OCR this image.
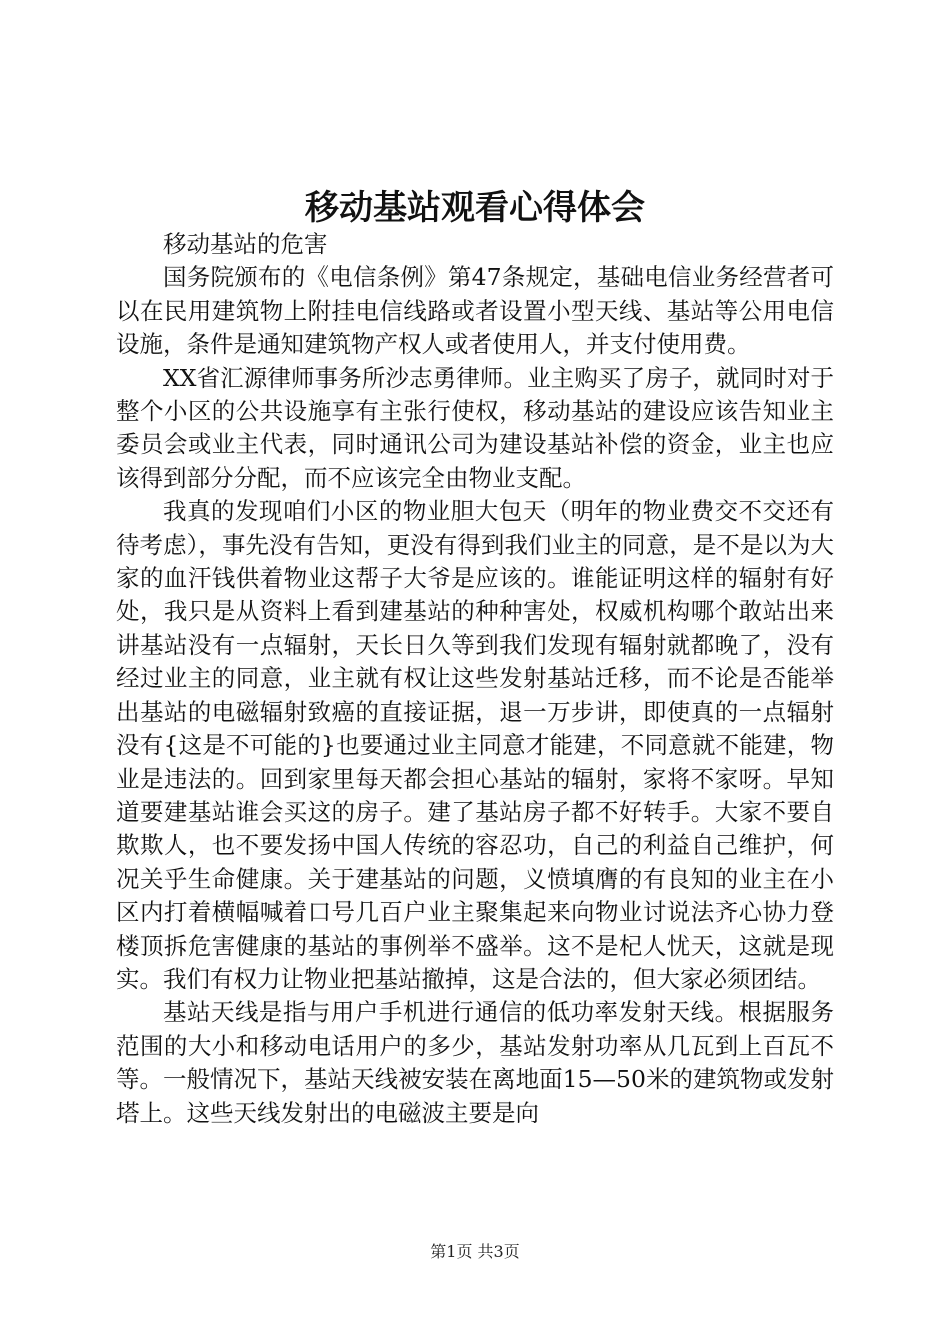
移动基站观看心得体会

移动基站的危害

国务院颁布的《电信条例》第47条规定，基础电信业务经营者可以在民用建筑物上附挂电信线路或者设置小型天线、基站等公用电信设施，条件是通知建筑物产权人或者使用人，并支付使用费。

XX省汇源律师事务所沙志勇律师。业主购买了房子，就同时对于整个小区的公共设施享有主张行使权，移动基站的建设应该告知业主委员会或业主代表，同时通讯公司为建设基站补偿的资金，业主也应该得到部分分配，而不应该完全由物业支配。

我真的发现咱们小区的物业胆大包天（明年的物业费交不交还有待考虑），事先没有告知，更没有得到我们业主的同意，是不是以为大家的血汗钱供着物业这帮子大爷是应该的。谁能证明这样的辐射有好处，我只是从资料上看到建基站的种种害处，权威机构哪个敢站出来讲基站没有一点辐射，天长日久等到我们发现有辐射就都晚了，没有经过业主的同意，业主就有权让这些发射基站迁移，而不论是否能举出基站的电磁辐射致癌的直接证据，退一万步讲，即使真的一点辐射没有{这是不可能的}也要通过业主同意才能建，不同意就不能建，物业是违法的。回到家里每天都会担心基站的辐射，家将不家呀。早知道要建基站谁会买这的房子。建了基站房子都不好转手。大家不要自欺欺人，也不要发扬中国人传统的容忍功，自己的利益自己维护，何况关乎生命健康。关于建基站的问题，义愤填膺的有良知的业主在小区内打着横幅喊着口号几百户业主聚集起来向物业讨说法齐心协力登楼顶拆危害健康的基站的事例举不盛举。这不是杞人忧天，这就是现实。我们有权力让物业把基站撤掉，这是合法的，但大家必须团结。

基站天线是指与用户手机进行通信的低功率发射天线。根据服务范围的大小和移动电话用户的多少，基站发射功率从几瓦到上百瓦不等。一般情况下，基站天线被安装在离地面15—50米的建筑物或发射塔上。这些天线发射出的电磁波主要是向

第1页 共3页
